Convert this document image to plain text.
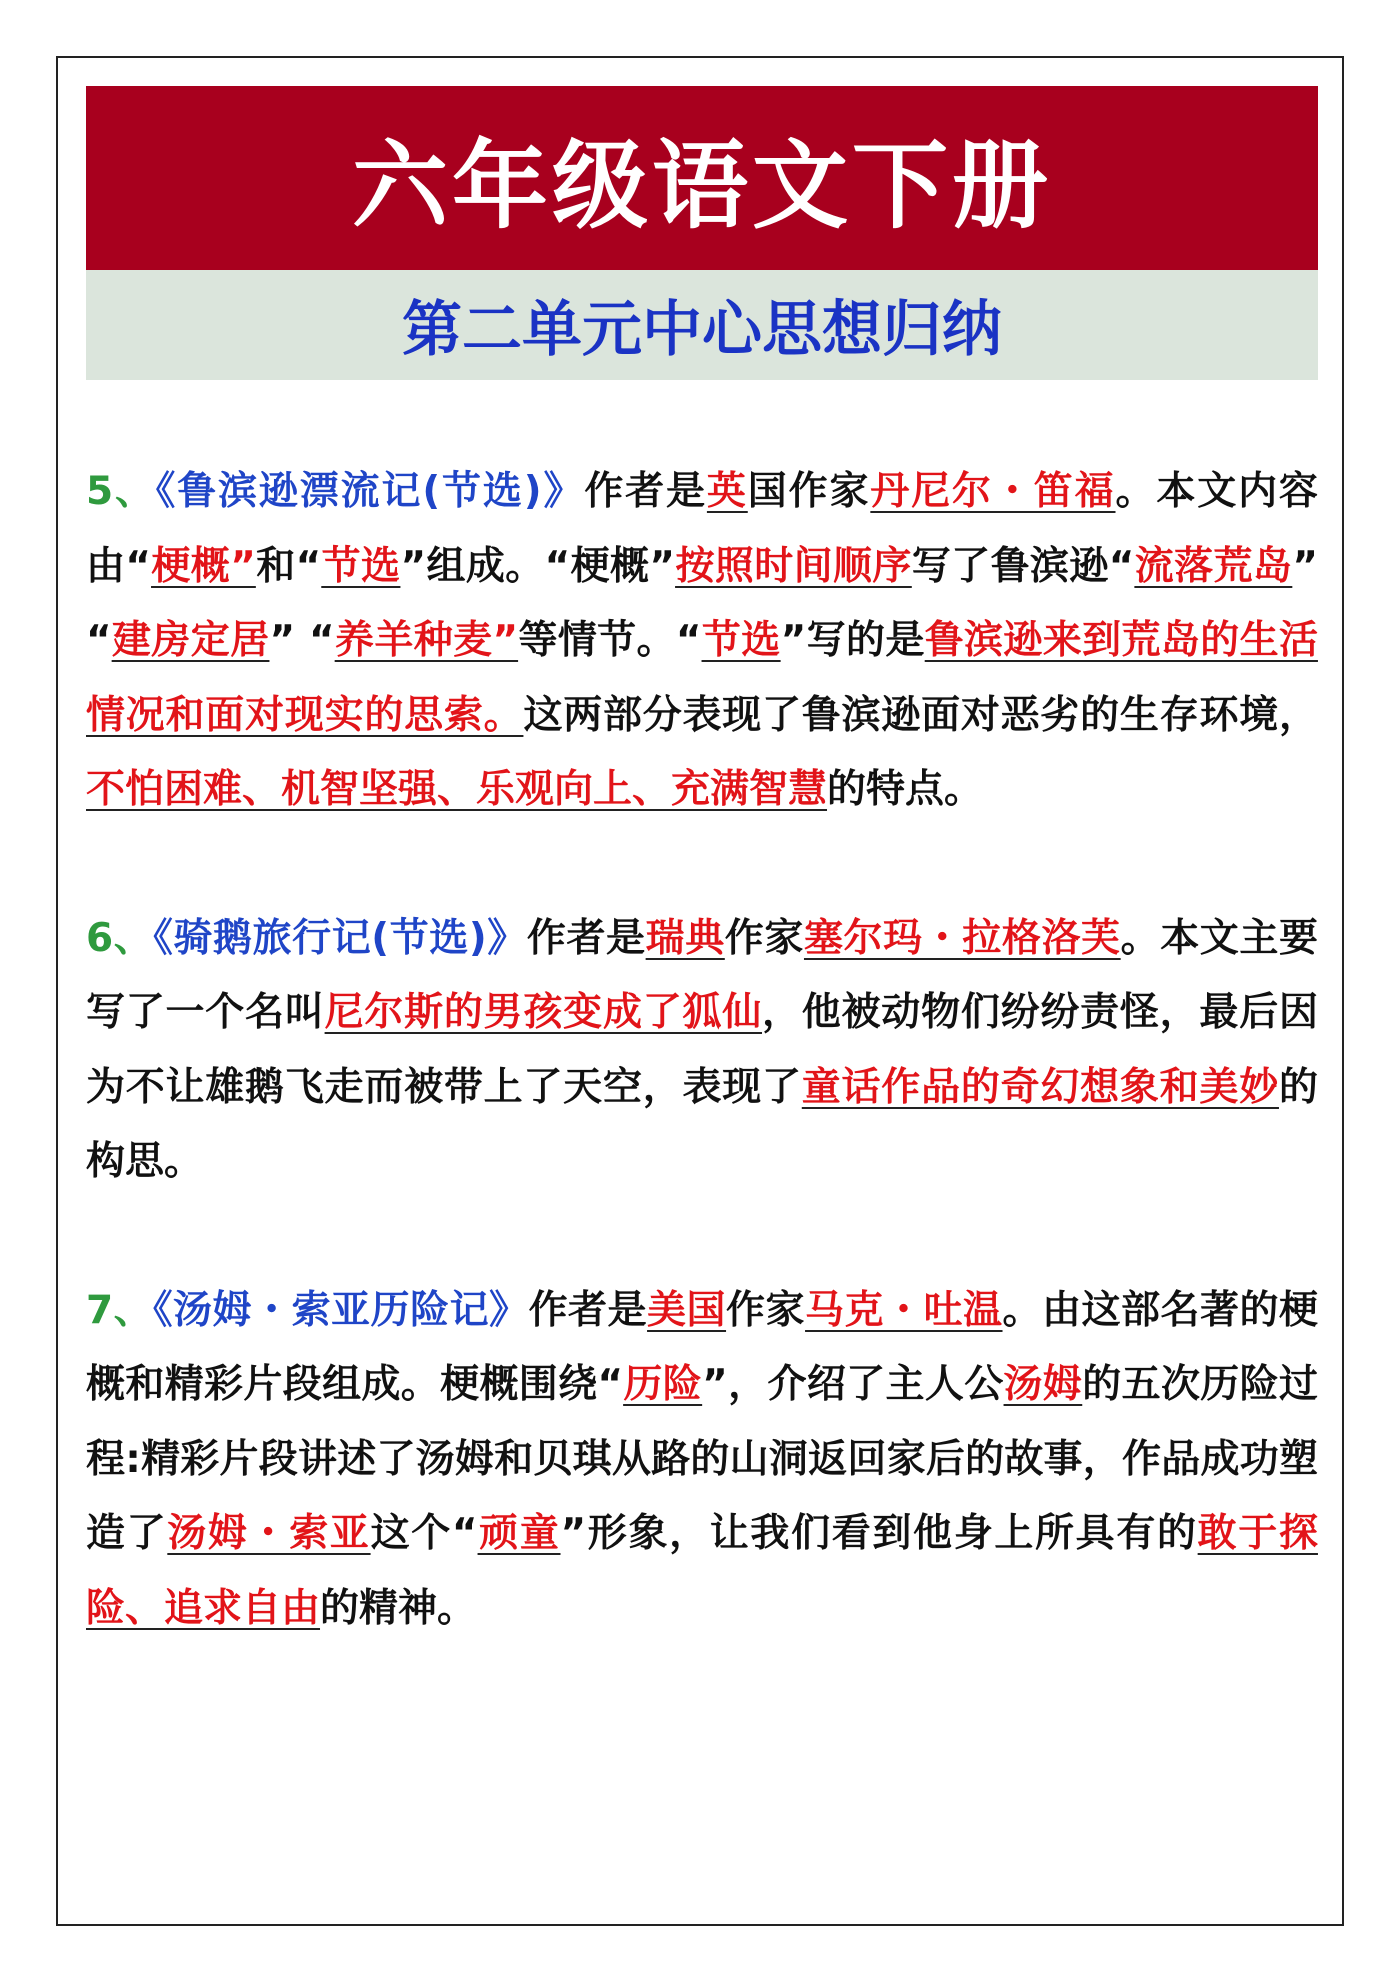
六年级语文下册
第二单元中心思想归纳

5、《鲁滨逊漂流记(节选)》作者是英国作家丹尼尔・笛福。本文内容由“梗概”和“节选”组成。“梗概”按照时间顺序写了鲁滨逊“流落荒岛” “建房定居” “养羊种麦”等情节。“节选”写的是鲁滨逊来到荒岛的生活情况和面对现实的思索。这两部分表现了鲁滨逊面对恶劣的生存环境，不怕困难、机智坚强、乐观向上、充满智慧的特点。

6、《骑鹅旅行记(节选)》作者是瑞典作家塞尔玛・拉格洛芙。本文主要写了一个名叫尼尔斯的男孩变成了狐仙，他被动物们纷纷责怪，最后因为不让雄鹅飞走而被带上了天空，表现了童话作品的奇幻想象和美妙的构思。

7、《汤姆・索亚历险记》作者是美国作家马克・吐温。由这部名著的梗概和精彩片段组成。梗概围绕“历险”，介绍了主人公汤姆的五次历险过程:精彩片段讲述了汤姆和贝琪从路的山洞返回家后的故事，作品成功塑造了汤姆・索亚这个“顽童”形象，让我们看到他身上所具有的敢于探险、追求自由的精神。
